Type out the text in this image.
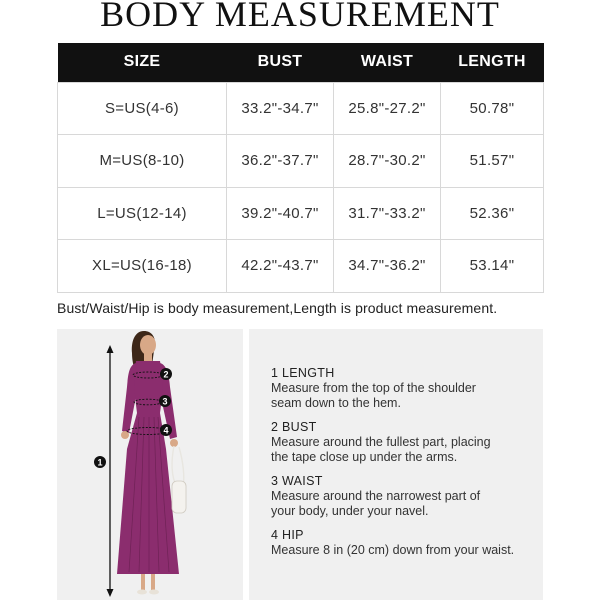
BODY MEASUREMENT
SIZE	BUST	WAIST	LENGTH
S=US(4-6)	33.2"-34.7"	25.8"-27.2"	50.78"
M=US(8-10)	36.2"-37.7"	28.7"-30.2"	51.57"
L=US(12-14)	39.2"-40.7"	31.7"-33.2"	52.36"
XL=US(16-18)	42.2"-43.7"	34.7"-36.2"	53.14"
Bust/Waist/Hip is body measurement,Length is product measurement.
1
2
3
4
1 LENGTH
Measure from the top of the shoulder
seam down to the hem.
2 BUST
Measure around the fullest part, placing
the tape close up under the arms.
3 WAIST
Measure around the narrowest part of
your body, under your navel.
4 HIP
Measure 8 in (20 cm) down from your waist.
